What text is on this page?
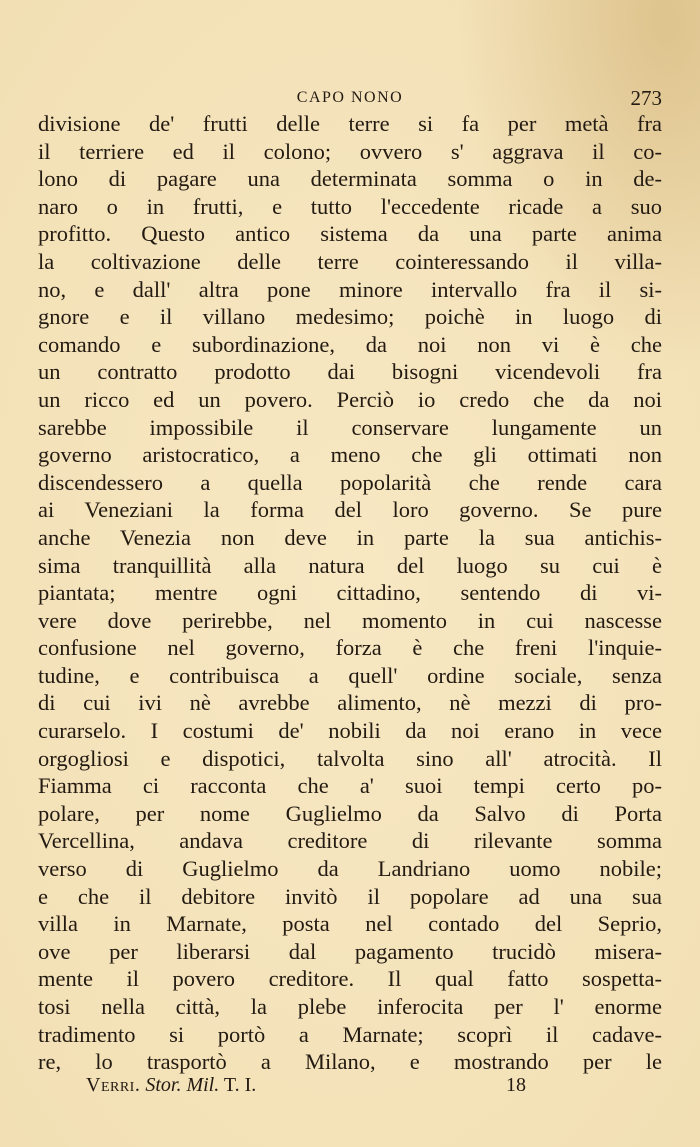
CAPO NONO	273
divisione de' frutti delle terre si fa per metà fra
il terriere ed il colono; ovvero s' aggrava il co-
lono di pagare una determinata somma o in de-
naro o in frutti, e tutto l'eccedente ricade a suo
profitto. Questo antico sistema da una parte anima
la coltivazione delle terre cointeressando il villa-
no, e dall' altra pone minore intervallo fra il si-
gnore e il villano medesimo; poichè in luogo di
comando e subordinazione, da noi non vi è che
un contratto prodotto dai bisogni vicendevoli fra
un ricco ed un povero. Perciò io credo che da noi
sarebbe impossibile il conservare lungamente un
governo aristocratico, a meno che gli ottimati non
discendessero a quella popolarità che rende cara
ai Veneziani la forma del loro governo. Se pure
anche Venezia non deve in parte la sua antichis-
sima tranquillità alla natura del luogo su cui è
piantata; mentre ogni cittadino, sentendo di vi-
vere dove perirebbe, nel momento in cui nascesse
confusione nel governo, forza è che freni l'inquie-
tudine, e contribuisca a quell' ordine sociale, senza
di cui ivi nè avrebbe alimento, nè mezzi di pro-
curarselo. I costumi de' nobili da noi erano in vece
orgogliosi e dispotici, talvolta sino all' atrocità. Il
Fiamma ci racconta che a' suoi tempi certo po-
polare, per nome Guglielmo da Salvo di Porta
Vercellina, andava creditore di rilevante somma
verso di Guglielmo da Landriano uomo nobile;
e che il debitore invitò il popolare ad una sua
villa in Marnate, posta nel contado del Seprio,
ove per liberarsi dal pagamento trucidò misera-
mente il povero creditore. Il qual fatto sospetta-
tosi nella città, la plebe inferocita per l' enorme
tradimento si portò a Marnate; scoprì il cadave-
re, lo trasportò a Milano, e mostrando per le
Verri. Stor. Mil. T. I.	18
